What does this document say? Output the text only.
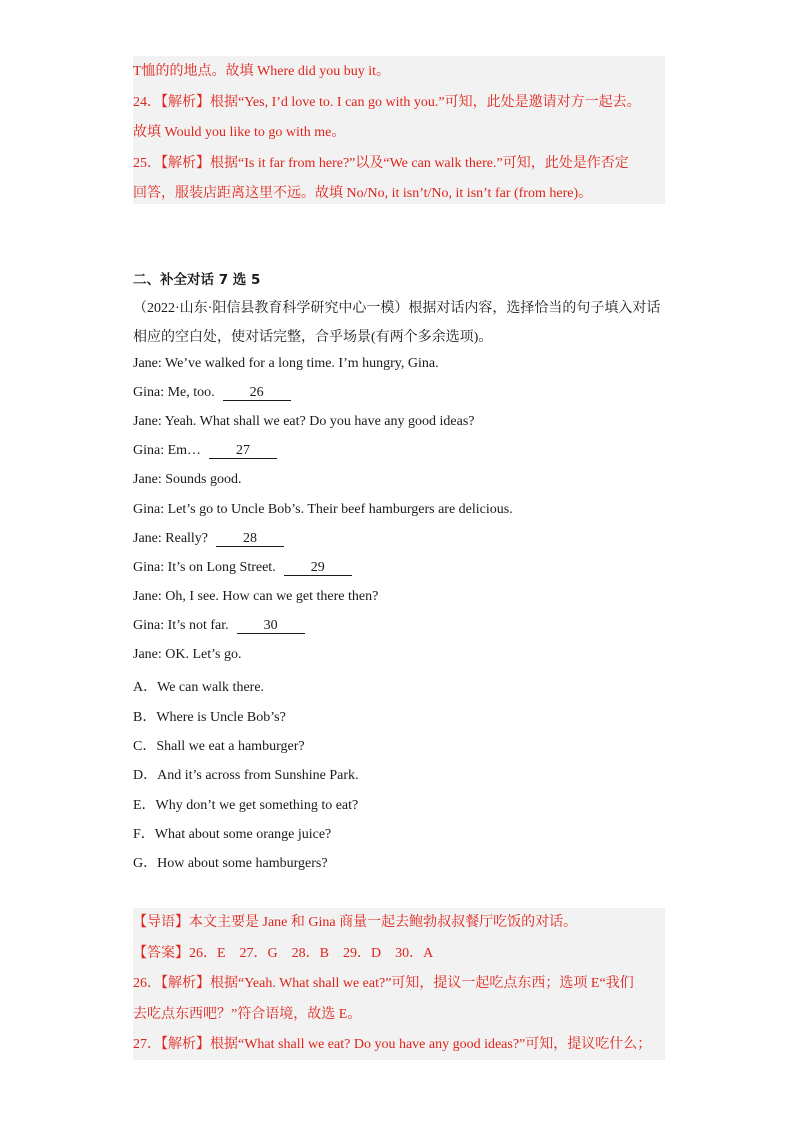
T恤的的地点。故填 Where did you buy it。
24．【解析】根据“Yes, I’d love to. I can go with you.”可知，此处是邀请对方一起去。
故填 Would you like to go with me。
25．【解析】根据“Is it far from here?”以及“We can walk there.”可知，此处是作否定
回答，服装店距离这里不远。故填 No/No, it isn’t/No, it isn’t far (from here)。
二、补全对话 7 选 5
（2022·山东·阳信县教育科学研究中心一模）根据对话内容，选择恰当的句子填入对话
相应的空白处，使对话完整，合乎场景(有两个多余选项)。
Jane: We’ve walked for a long time. I’m hungry, Gina.
Gina: Me, too.	26
Jane: Yeah. What shall we eat? Do you have any good ideas?
Gina: Em…	27
Jane: Sounds good.
Gina: Let’s go to Uncle Bob’s. Their beef hamburgers are delicious.
Jane: Really?	28
Gina: It’s on Long Street.	29
Jane: Oh, I see. How can we get there then?
Gina: It’s not far.	30
Jane: OK. Let’s go.
A．We can walk there.
B．Where is Uncle Bob’s?
C．Shall we eat a hamburger?
D．And it’s across from Sunshine Park.
E．Why don’t we get something to eat?
F．What about some orange juice?
G．How about some hamburgers?
【导语】本文主要是 Jane 和 Gina 商量一起去鲍勃叔叔餐厅吃饭的对话。
【答案】26．E　27．G　28．B　29．D　30．A
26．【解析】根据“Yeah. What shall we eat?”可知，提议一起吃点东西；选项 E“我们
去吃点东西吧？”符合语境，故选 E。
27．【解析】根据“What shall we eat? Do you have any good ideas?”可知，提议吃什么；
